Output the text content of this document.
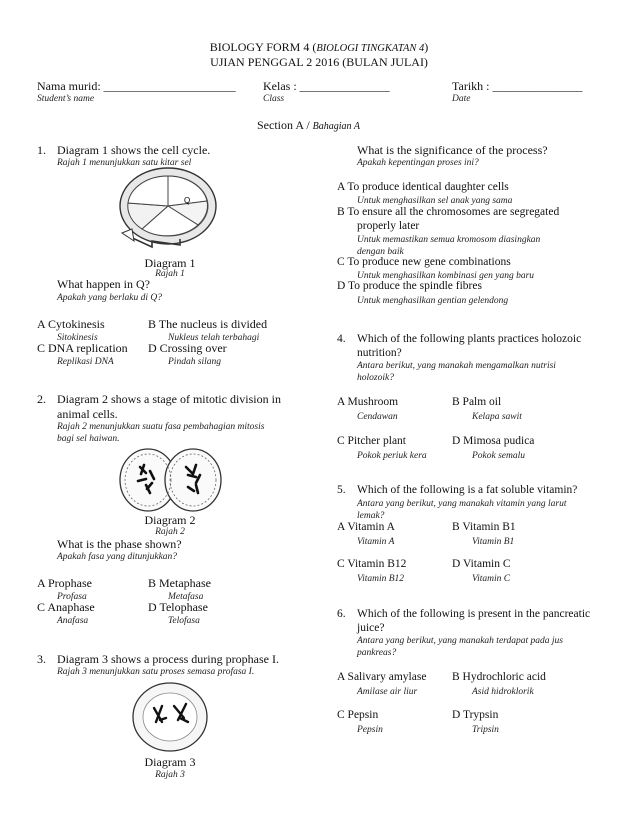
BIOLOGY FORM 4 (BIOLOGI TINGKATAN 4)
UJIAN PENGGAL 2 2016 (BULAN JULAI)
Nama murid: ______________________
Student’s name
Kelas : _______________
Class
Tarikh : _______________
Date
Section A / Bahagian A
1. Diagram 1 shows the cell cycle.
Rajah 1 menunjukkan satu kitar sel
Q
Diagram 1
Rajah 1
What happen in Q?
Apakah yang berlaku di Q?
A Cytokinesis
Sitokinesis
B The nucleus is divided
Nukleus telah terbahagi
C DNA replication
Replikasi DNA
D Crossing over
Pindah silang
2. Diagram 2 shows a stage of mitotic division in
animal cells.
Rajah 2 menunjukkan suatu fasa pembahagian mitosis
bagi sel haiwan.
Diagram 2
Rajah 2
What is the phase shown?
Apakah fasa yang ditunjukkan?
A Prophase
Profasa
B Metaphase
Metafasa
C Anaphase
Anafasa
D Telophase
Telofasa
3. Diagram 3 shows a process during prophase I.
Rajah 3 menunjukkan satu proses semasa profasa I.
Diagram 3
Rajah 3
What is the significance of the process?
Apakah kepentingan proses ini?
A To produce identical daughter cells
Untuk menghasilkan sel anak yang sama
B To ensure all the chromosomes are segregated
properly later
Untuk memastikan semua kromosom diasingkan
dengan baik
C To produce new gene combinations
Untuk menghasilkan kombinasi gen yang baru
D To produce the spindle fibres
Untuk menghasilkan gentian gelendong
4. Which of the following plants practices holozoic
nutrition?
Antara berikut, yang manakah mengamalkan nutrisi
holozoik?
A Mushroom
Cendawan
B Palm oil
Kelapa sawit
C Pitcher plant
Pokok periuk kera
D Mimosa pudica
Pokok semalu
5. Which of the following is a fat soluble vitamin?
Antara yang berikut, yang manakah vitamin yang larut
lemak?
A Vitamin A
Vitamin A
B Vitamin B1
Vitamin B1
C Vitamin B12
Vitamin B12
D Vitamin C
Vitamin C
6. Which of the following is present in the pancreatic
juice?
Antara yang berikut, yang manakah terdapat pada jus
pankreas?
A Salivary amylase
Amilase air liur
B Hydrochloric acid
Asid hidroklorik
C Pepsin
Pepsin
D Trypsin
Tripsin
